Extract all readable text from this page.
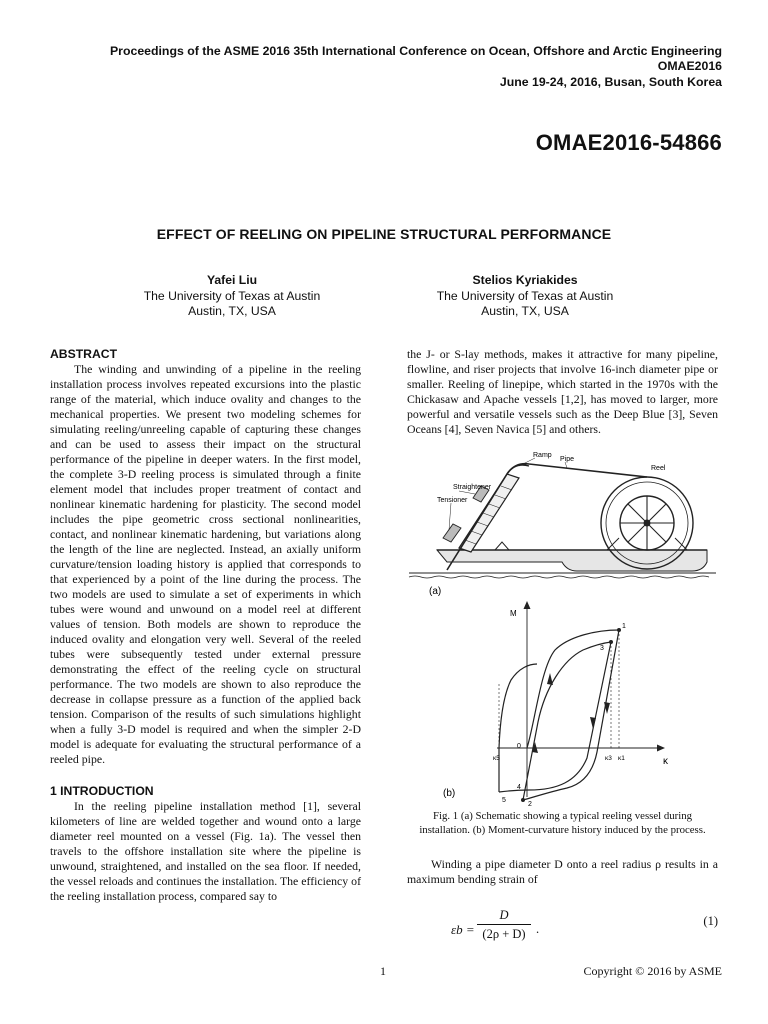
Proceedings of the ASME 2016 35th International Conference on Ocean, Offshore and Arctic Engineering
OMAE2016
June 19-24, 2016, Busan, South Korea
OMAE2016-54866
EFFECT OF REELING ON PIPELINE STRUCTURAL PERFORMANCE
Yafei Liu
The University of Texas at Austin
Austin, TX, USA
Stelios Kyriakides
The University of Texas at Austin
Austin, TX, USA
ABSTRACT

The winding and unwinding of a pipeline in the reeling installation process involves repeated excursions into the plastic range of the material, which induce ovality and changes to the mechanical properties. We present two modeling schemes for simulating reeling/unreeling capable of capturing these changes and can be used to assess their impact on the structural performance of the pipeline in deeper waters. In the first model, the complete 3-D reeling process is simulated through a finite element model that includes proper treatment of contact and nonlinear kinematic hardening for plasticity. The second model includes the pipe geometric cross sectional nonlinearities, contact, and nonlinear kinematic hardening, but variations along the length of the line are neglected. Instead, an axially uniform curvature/tension loading history is applied that corresponds to that experienced by a point of the line during the process. The two models are used to simulate a set of experiments in which tubes were wound and unwound on a model reel at different values of tension. Both models are shown to reproduce the induced ovality and elongation very well. Several of the reeled tubes were subsequently tested under external pressure demonstrating the effect of the reeling cycle on structural performance. The two models are shown to also reproduce the decrease in collapse pressure as a function of the applied back tension. Comparison of the results of such simulations highlight when a fully 3-D model is required and when the simpler 2-D model is adequate for evaluating the structural performance of a reeled pipe.

1 INTRODUCTION

In the reeling pipeline installation method [1], several kilometers of line are welded together and wound onto a large diameter reel mounted on a vessel (Fig. 1a). The vessel then travels to the offshore installation site where the pipeline is unwound, straightened, and installed on the sea floor. If needed, the vessel reloads and continues the installation. The efficiency of the reeling installation process, compared say to

the J- or S-lay methods, makes it attractive for many pipeline, flowline, and riser projects that involve 16-inch diameter pipe or smaller. Reeling of linepipe, which started in the 1970s with the Chickasaw and Apache vessels [1,2], has moved to larger, more powerful and versatile vessels such as the Deep Blue [3], Seven Oceans [4], Seven Navica [5] and others.

Straightener
Ramp
Pipe
Reel
Tensioner
(a)
M
κ
1
3
0
2
4
5
κ5	κ3 κ1
(b)
Fig. 1 (a) Schematic showing a typical reeling vessel during installation. (b) Moment-curvature history induced by the process.

Winding a pipe diameter D onto a reel radius ρ results in a maximum bending strain of

εb =
D
(2ρ + D) .
(1)
1	Copyright © 2016 by ASME
